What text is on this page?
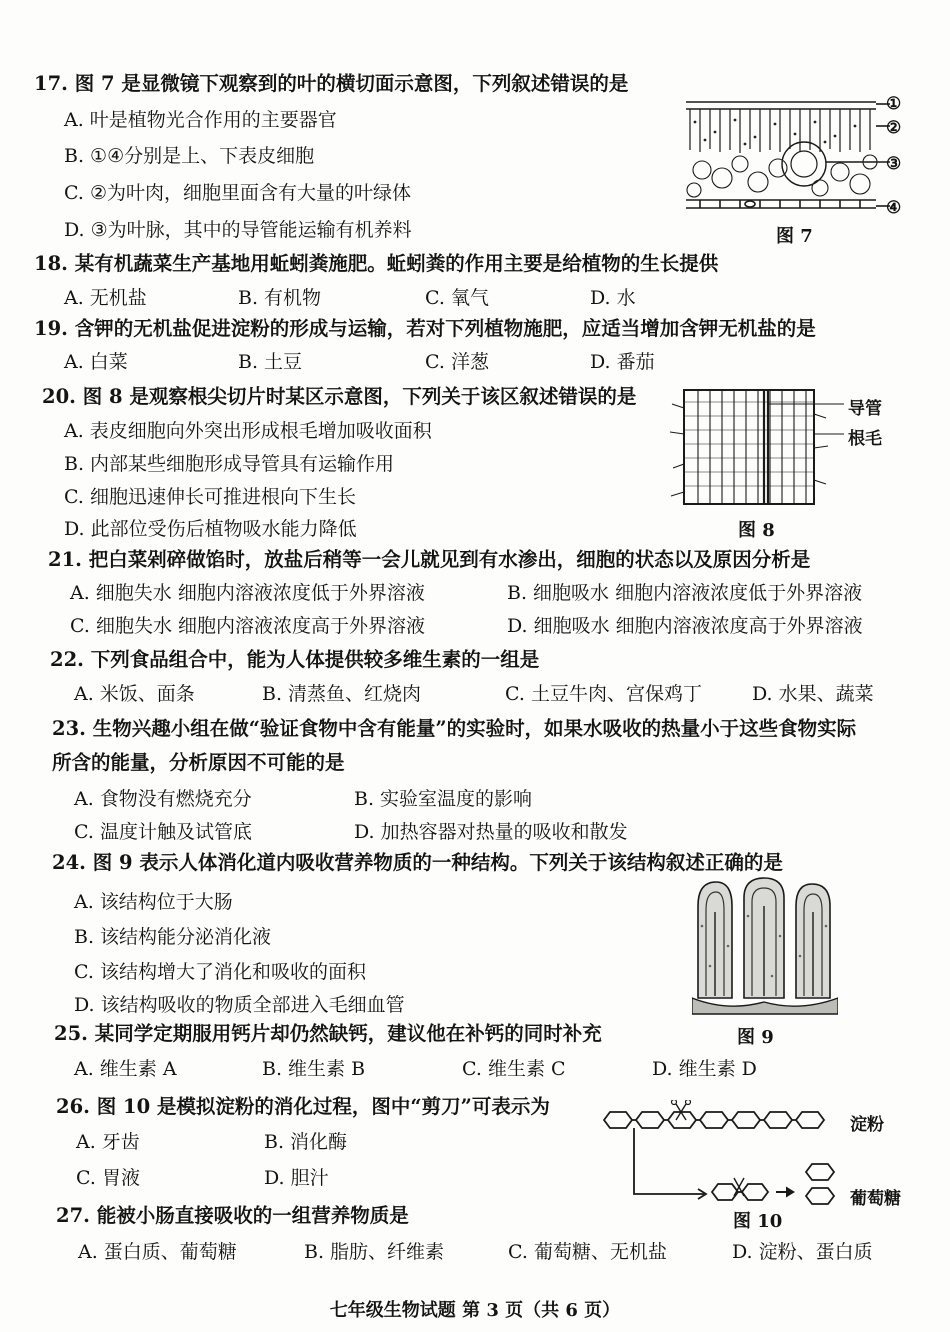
17. 图 7 是显微镜下观察到的叶的横切面示意图，下列叙述错误的是
A. 叶是植物光合作用的主要器官
B. ①④分别是上、下表皮细胞
C. ②为叶肉，细胞里面含有大量的叶绿体
D. ③为叶脉，其中的导管能运输有机养料
①
②
③
④
图 7
18. 某有机蔬菜生产基地用蚯蚓粪施肥。蚯蚓粪的作用主要是给植物的生长提供
A. 无机盐	B. 有机物	C. 氧气	D. 水
19. 含钾的无机盐促进淀粉的形成与运输，若对下列植物施肥，应适当增加含钾无机盐的是
A. 白菜	B. 土豆	C. 洋葱	D. 番茄
20. 图 8 是观察根尖切片时某区示意图，下列关于该区叙述错误的是
A. 表皮细胞向外突出形成根毛增加吸收面积
B. 内部某些细胞形成导管具有运输作用
C. 细胞迅速伸长可推进根向下生长
D. 此部位受伤后植物吸水能力降低
导管
根毛
图 8
21. 把白菜剁碎做馅时，放盐后稍等一会儿就见到有水渗出，细胞的状态以及原因分析是
A. 细胞失水 细胞内溶液浓度低于外界溶液	B. 细胞吸水 细胞内溶液浓度低于外界溶液
C. 细胞失水 细胞内溶液浓度高于外界溶液	D. 细胞吸水 细胞内溶液浓度高于外界溶液
22. 下列食品组合中，能为人体提供较多维生素的一组是
A. 米饭、面条	B. 清蒸鱼、红烧肉	C. 土豆牛肉、宫保鸡丁	D. 水果、蔬菜
23. 生物兴趣小组在做“验证食物中含有能量”的实验时，如果水吸收的热量小于这些食物实际
所含的能量，分析原因不可能的是
A. 食物没有燃烧充分	B. 实验室温度的影响
C. 温度计触及试管底	D. 加热容器对热量的吸收和散发
24. 图 9 表示人体消化道内吸收营养物质的一种结构。下列关于该结构叙述正确的是
A. 该结构位于大肠
B. 该结构能分泌消化液
C. 该结构增大了消化和吸收的面积
D. 该结构吸收的物质全部进入毛细血管
图 9
25. 某同学定期服用钙片却仍然缺钙，建议他在补钙的同时补充
A. 维生素 A	B. 维生素 B	C. 维生素 C	D. 维生素 D
26. 图 10 是模拟淀粉的消化过程，图中“剪刀”可表示为
A. 牙齿	B. 消化酶
C. 胃液	D. 胆汁
淀粉
葡萄糖
图 10
27. 能被小肠直接吸收的一组营养物质是
A. 蛋白质、葡萄糖	B. 脂肪、纤维素	C. 葡萄糖、无机盐	D. 淀粉、蛋白质
七年级生物试题 第 3 页（共 6 页）
